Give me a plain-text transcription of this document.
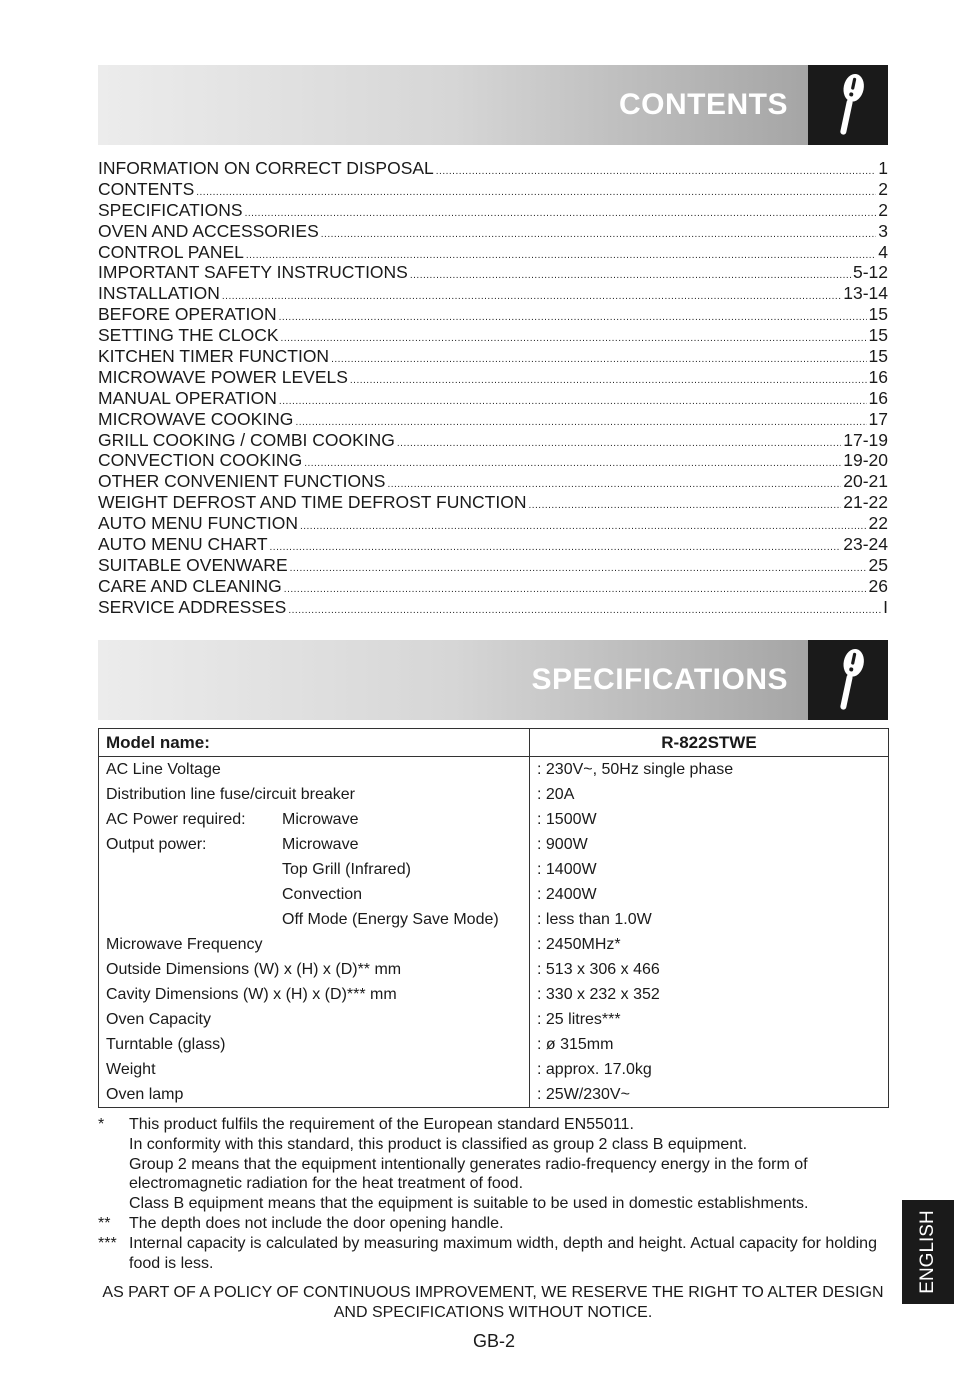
CONTENTS
INFORMATION ON CORRECT DISPOSAL .....	1
CONTENTS .....	2
SPECIFICATIONS .....	2
OVEN AND ACCESSORIES .....	3
CONTROL PANEL .....	4
IMPORTANT SAFETY INSTRUCTIONS .....	5-12
INSTALLATION .....	13-14
BEFORE OPERATION .....	15
SETTING THE CLOCK .....	15
KITCHEN TIMER FUNCTION .....	15
MICROWAVE POWER LEVELS .....	16
MANUAL OPERATION .....	16
MICROWAVE COOKING .....	17
GRILL COOKING / COMBI COOKING .....	17-19
CONVECTION COOKING .....	19-20
OTHER CONVENIENT FUNCTIONS .....	20-21
WEIGHT DEFROST AND TIME DEFROST FUNCTION .....	21-22
AUTO MENU FUNCTION .....	22
AUTO MENU CHART .....	23-24
SUITABLE OVENWARE .....	25
CARE AND CLEANING .....	26
SERVICE ADDRESSES .....	I
SPECIFICATIONS
Model name:		R-822STWE
AC Line Voltage		: 230V~, 50Hz single phase
Distribution line fuse/circuit breaker		: 20A
AC Power required:	Microwave	: 1500W
Output power:	Microwave	: 900W
	Top Grill (Infrared)	: 1400W
	Convection	: 2400W
	Off Mode (Energy Save Mode)	: less than 1.0W
Microwave Frequency		: 2450MHz*
Outside Dimensions (W) x (H) x (D)** mm		: 513 x 306 x 466
Cavity Dimensions (W) x (H) x (D)*** mm		: 330 x 232 x 352
Oven Capacity		: 25 litres***
Turntable (glass)		: ø 315mm
Weight		: approx. 17.0kg
Oven lamp		: 25W/230V~
*	This product fulfils the requirement of the European standard EN55011.

In conformity with this standard, this product is classified as group 2 class B equipment.

Group 2 means that the equipment intentionally generates radio-frequency energy in the form of electromagnetic radiation for the heat treatment of food.

Class B equipment means that the equipment is suitable to be used in domestic establishments.

**	The depth does not include the door opening handle.

*** Internal capacity is calculated by measuring maximum width, depth and height. Actual capacity for holding food is less.

AS PART OF A POLICY OF CONTINUOUS IMPROVEMENT, WE RESERVE THE RIGHT TO ALTER DESIGN AND SPECIFICATIONS WITHOUT NOTICE.
GB-2
ENGLISH
